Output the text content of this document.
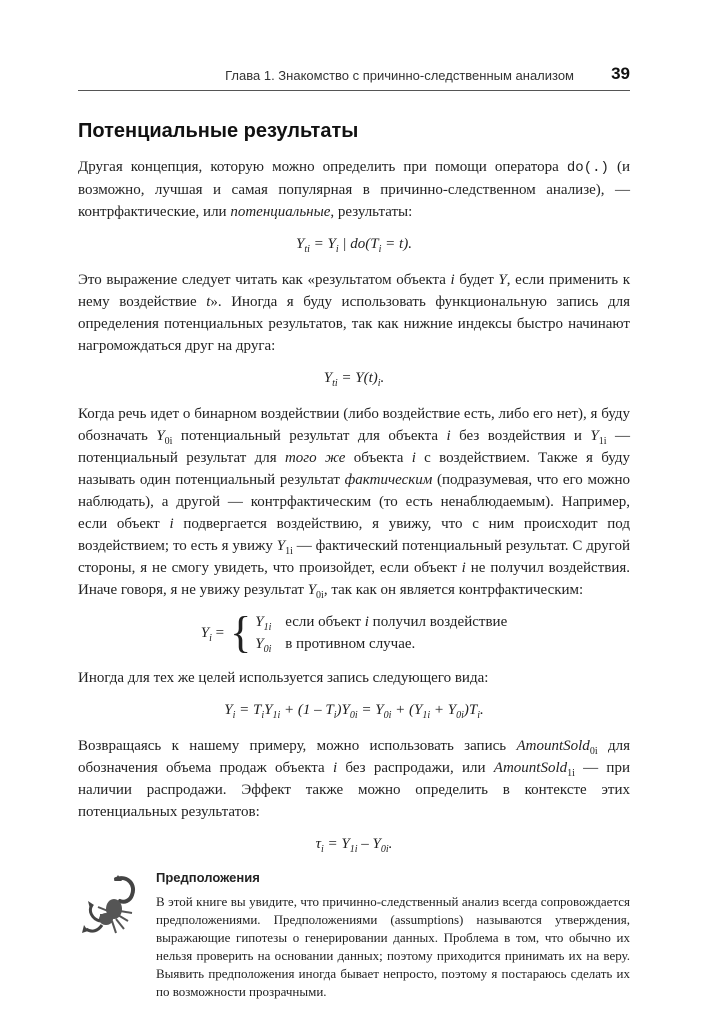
Глава 1. Знакомство с причинно-следственным анализом 39
Потенциальные результаты

Другая концепция, которую можно определить при помощи оператора do(.) (и возможно, лучшая и самая популярная в причинно-следственном анализе), — контрфактические, или потенциальные, результаты:

$Y_{ti} = Y_i$ | $do(T_i = t)$.

Это выражение следует читать как «результатом объекта i будет Y, если применить к нему воздействие t». Иногда я буду использовать функциональную запись для определения потенциальных результатов, так как нижние индексы быстро начинают нагромождаться друг на друга:

$Y_{ti} = Y(t)_i$.

Когда речь идет о бинарном воздействии (либо воздействие есть, либо его нет), я буду обозначать $Y_{0i}$ потенциальный результат для объекта i без воздействия и $Y_{1i}$ — потенциальный результат для того же объекта i с воздействием. Также я буду называть один потенциальный результат фактическим (подразумевая, что его можно наблюдать), а другой — контрфактическим (то есть ненаблюдаемым). Например, если объект i подвергается воздействию, я увижу, что с ним происходит под воздействием; то есть я увижу $Y_{1i}$ — фактический потенциальный результат. С другой стороны, я не смогу увидеть, что произойдет, если объект i не получил воздействия. Иначе говоря, я не увижу результат $Y_{0i}$, так как он является контрфактическим:

$Y_i$ = { $Y_{1i}$ если объект i получил воздействие
$Y_{0i}$ в противном случае.

Иногда для тех же целей используется запись следующего вида:

$Y_i = T_iY_{1i} + (1 - T_i)Y_{0i} = Y_{0i} + (Y_{1i} + Y_{0i})T_i$.

Возвращаясь к нашему примеру, можно использовать запись AmountSold$_{0i}$ для обозначения объема продаж объекта i без распродажи, или AmountSold$_{1i}$ — при наличии распродажи. Эффект также можно определить в контексте этих потенциальных результатов:

$\tau_i = Y_{1i} - Y_{0i}$.
Предположения

В этой книге вы увидите, что причинно-следственный анализ всегда сопровождается предположениями. Предположениями (assumptions) называются утверждения, выражающие гипотезы о генерировании данных. Проблема в том, что обычно их нельзя проверить на основании данных; поэтому приходится принимать их на веру. Выявить предположения иногда бывает непросто, поэтому я постараюсь сделать их по возможности прозрачными.
